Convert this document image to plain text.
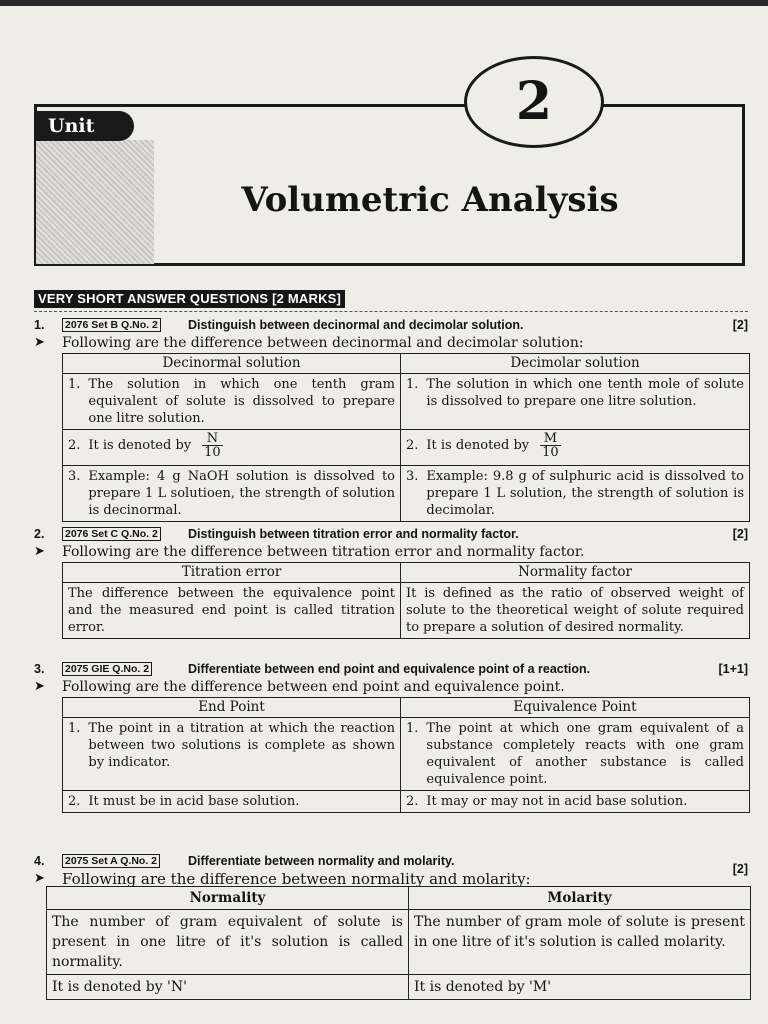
Unit	2
Volumetric Analysis
VERY SHORT ANSWER QUESTIONS [2 MARKS]
1. 2076 Set B Q.No. 2 Distinguish between decinormal and decimolar solution.	[2]
➤ Following are the difference between decinormal and decimolar solution:
Decinormal solution	Decimolar solution

1. The solution in which one tenth gram equivalent of solute is dissolved to prepare one litre solution.	1. The solution in which one tenth mole of solute is dissolved to prepare one litre solution.

2. It is denoted by $\frac{N}{10}$	2. It is denoted by $\frac{M}{10}$

3. Example: 4 g NaOH solution is dissolved to prepare 1 L solutioen, the strength of solution is decinormal.	3. Example: 9.8 g of sulphuric acid is dissolved to prepare 1 L solution, the strength of solution is decimolar.
2. 2076 Set C Q.No. 2 Distinguish between titration error and normality factor.	[2]
➤ Following are the difference between titration error and normality factor.
Titration error	Normality factor

The difference between the equivalence point and the measured end point is called titration error.	It is defined as the ratio of observed weight of solute to the theoretical weight of solute required to prepare a solution of desired normality.
3. 2075 GIE Q.No. 2	Differentiate between end point and equivalence point of a reaction.	[1+1]
➤ Following are the difference between end point and equivalence point.
End Point	Equivalence Point

1. The point in a titration at which the reaction between two solutions is complete as shown by indicator.	1. The point at which one gram equivalent of a substance completely reacts with one gram equivalent of another substance is called equivalence point.

2. It must be in acid base solution.	2. It may or may not in acid base solution.
4. 2075 Set A Q.No. 2 Differentiate between normality and molarity.
[2]
➤ Following are the difference between normality and molarity:
Normality	Molarity

The number of gram equivalent of solute is present in one litre of it's solution is called normality.	The number of gram mole of solute is present in one litre of it's solution is called molarity.

It is denoted by 'N'	It is denoted by 'M'
